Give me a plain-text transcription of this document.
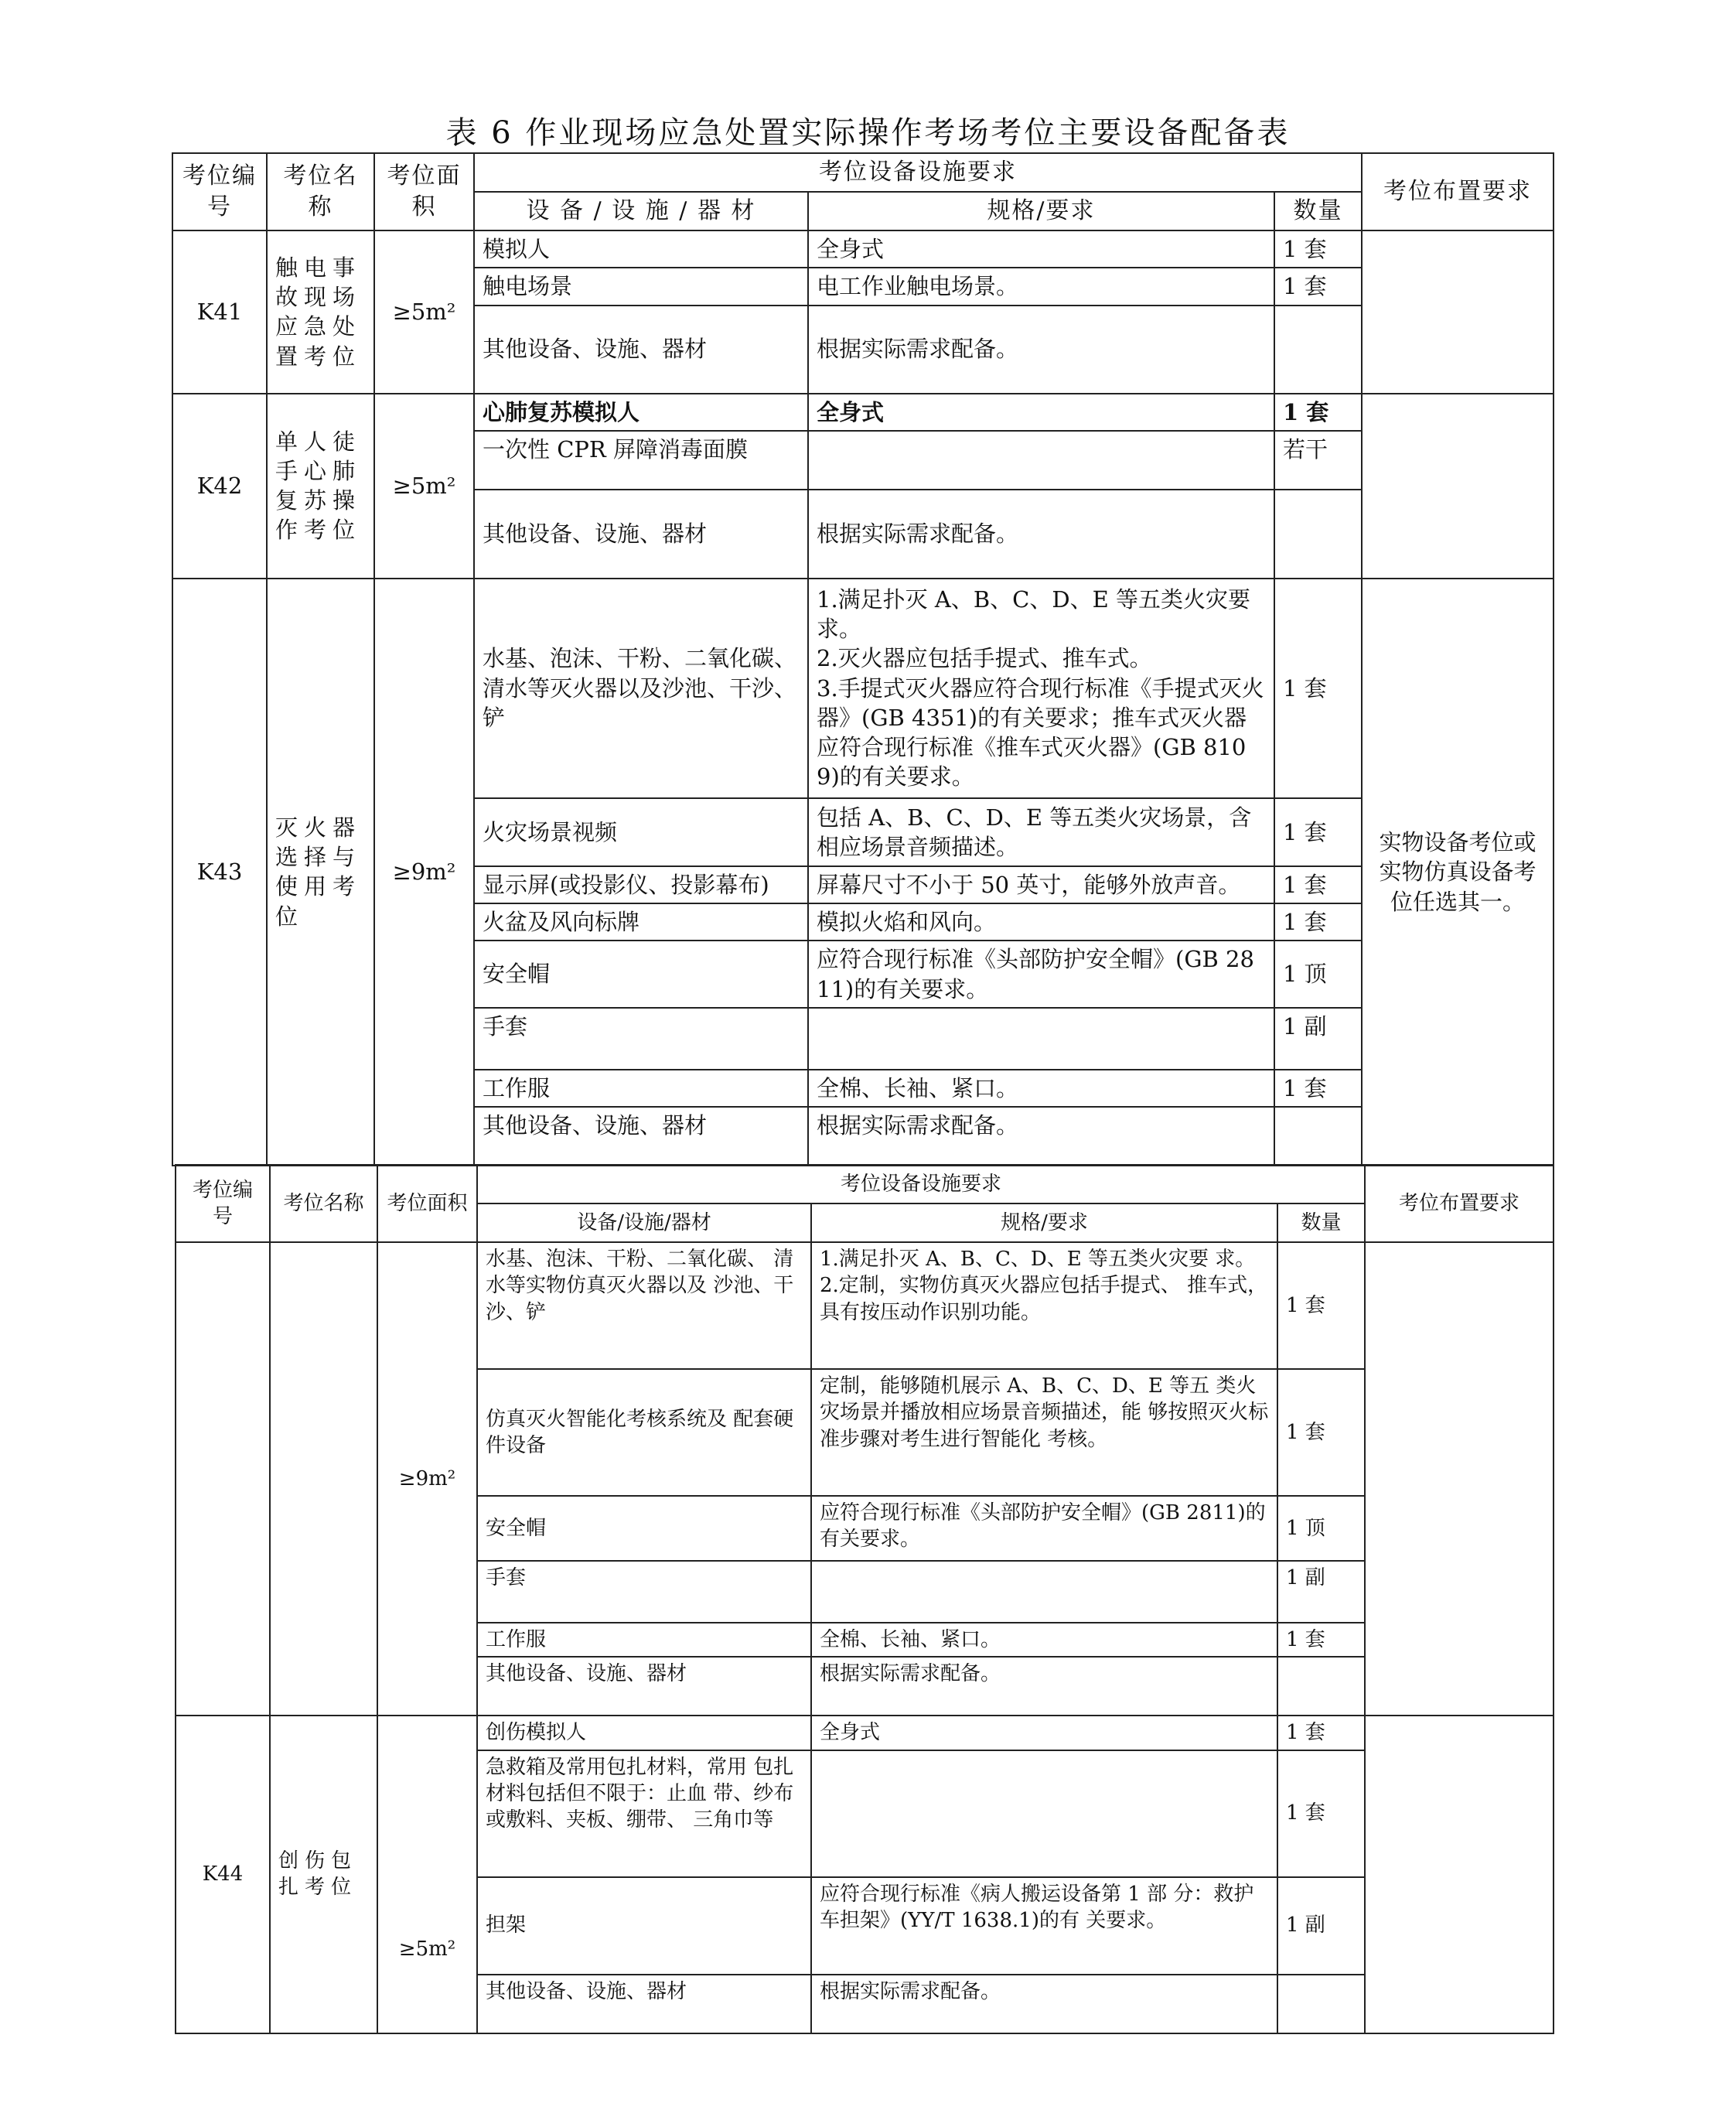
表 6 作业现场应急处置实际操作考场考位主要设备配备表
考位编号	考位名称	考位面积	考位设备设施要求			考位布置要求
			设 备 / 设 施 / 器 材	规格/要求	数量	
K41	触电事故现场应急处置考位	≥5m²	模拟人	全身式	1 套	
			触电场景	电工作业触电场景。	1 套	
			其他设备、设施、器材	根据实际需求配备。		
K42	单人徒手心肺复苏操作考位	≥5m²	心肺复苏模拟人	全身式	1 套	
			一次性 CPR 屏障消毒面膜		若干	
			其他设备、设施、器材	根据实际需求配备。		
K43	灭火器选择与使用考位	≥9m²	水基、泡沫、干粉、二氧化碳、 清水等灭火器以及沙池、干沙、铲	1.满足扑灭 A、B、C、D、E 等五类火灾要 求。
2.灭火器应包括手提式、推车式。
3.手提式灭火器应符合现行标准《手提式灭火器》(GB 4351)的有关要求；推车式灭火器应符合现行标准《推车式灭火器》(GB 8109)的有关要求。	1 套	实物设备考位或实物仿真设备考位任选其一。
			火灾场景视频	包括 A、B、C、D、E 等五类火灾场景，含 相应场景音频描述。	1 套	
			显示屏(或投影仪、投影幕布)	屏幕尺寸不小于 50 英寸，能够外放声音。	1 套	
			火盆及风向标牌	模拟火焰和风向。	1 套	
			安全帽	应符合现行标准《头部防护安全帽》(GB 2811)的有关要求。	1 顶	
			手套		1 副	
			工作服	全棉、长袖、紧口。	1 套	
			其他设备、设施、器材	根据实际需求配备。		
考位编号	考位名称	考位面积	考位设备设施要求			考位布置要求
			设备/设施/器材	规格/要求	数量	
		≥9m²	水基、泡沫、干粉、二氧化碳、 清水等实物仿真灭火器以及 沙池、干沙、铲	1.满足扑灭 A、B、C、D、E 等五类火灾要 求。
2.定制，实物仿真灭火器应包括手提式、 推车式，具有按压动作识别功能。	1 套	
			仿真灭火智能化考核系统及 配套硬件设备	定制，能够随机展示 A、B、C、D、E 等五 类火灾场景并播放相应场景音频描述，能 够按照灭火标准步骤对考生进行智能化 考核。	1 套	
			安全帽	应符合现行标准《头部防护安全帽》(GB 2811)的有关要求。	1 顶	
			手套		1 副	
			工作服	全棉、长袖、紧口。	1 套	
			其他设备、设施、器材	根据实际需求配备。		
K44	创伤包扎考位	≥5m²	创伤模拟人	全身式	1 套	
			急救箱及常用包扎材料，常用 包扎材料包括但不限于：止血 带、纱布或敷料、夹板、绷带、 三角巾等		1 套	
			担架	应符合现行标准《病人搬运设备第 1 部 分：救护车担架》(YY/T 1638.1)的有 关要求。	1 副	
			其他设备、设施、器材	根据实际需求配备。		
